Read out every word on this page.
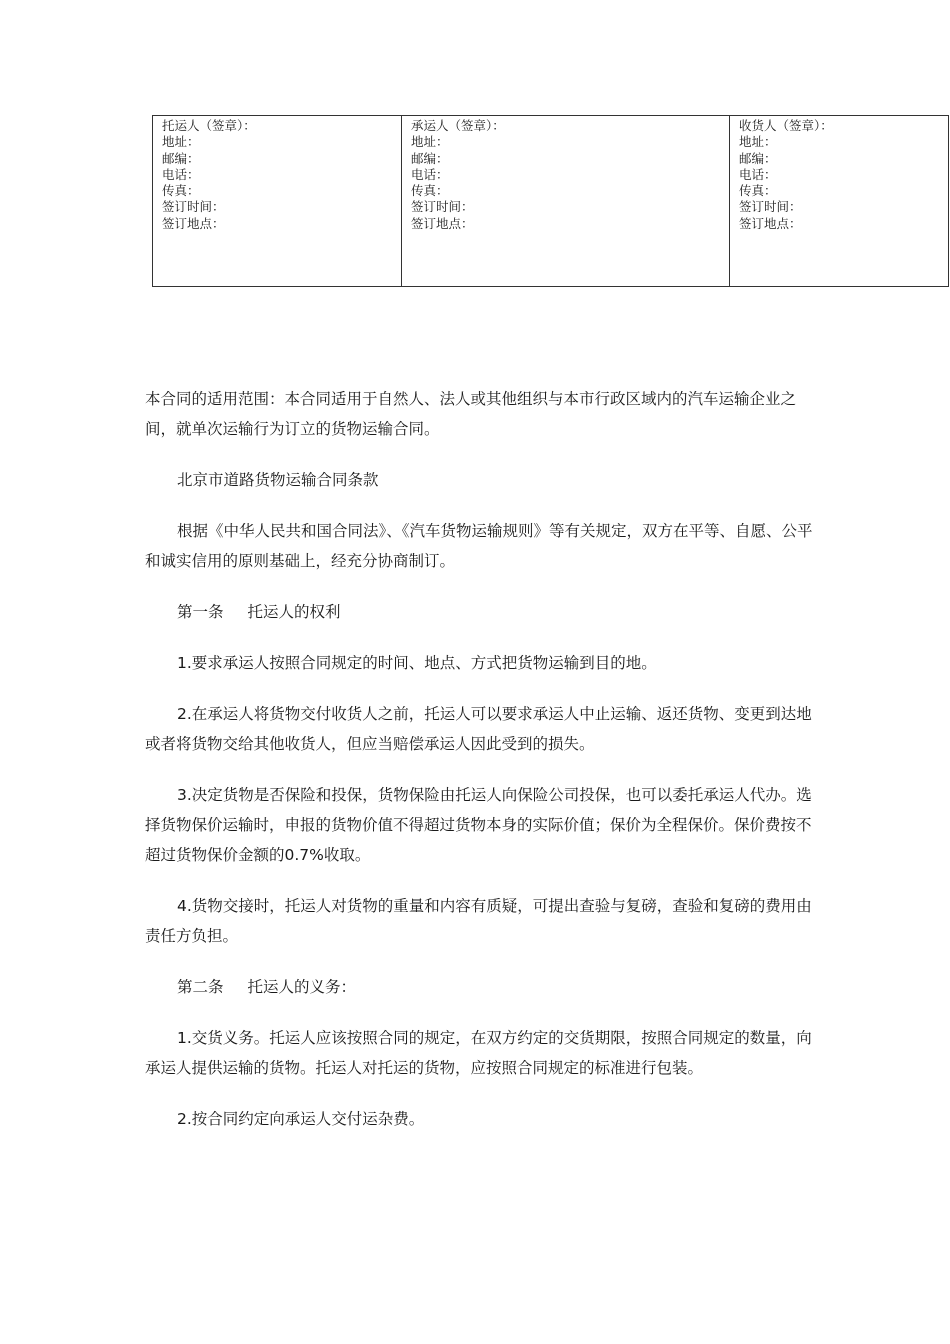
托运人（签章）：
地址：
邮编：
电话：
传真：
签订时间：
签订地点：

承运人（签章）：
地址：
邮编：
电话：
传真：
签订时间：
签订地点：

收货人（签章）：
地址：
邮编：
电话：
传真：
签订时间：
签订地点：

本合同的适用范围：本合同适用于自然人、法人或其他组织与本市行政区域内的汽车运输企业之间，就单次运输行为订立的货物运输合同。

北京市道路货物运输合同条款

根据《中华人民共和国合同法》、《汽车货物运输规则》等有关规定，双方在平等、自愿、公平和诚实信用的原则基础上，经充分协商制订。

第一条 托运人的权利

1.要求承运人按照合同规定的时间、地点、方式把货物运输到目的地。

2.在承运人将货物交付收货人之前，托运人可以要求承运人中止运输、返还货物、变更到达地或者将货物交给其他收货人，但应当赔偿承运人因此受到的损失。

3.决定货物是否保险和投保，货物保险由托运人向保险公司投保，也可以委托承运人代办。选择货物保价运输时，申报的货物价值不得超过货物本身的实际价值；保价为全程保价。保价费按不超过货物保价金额的0.7%收取。

4.货物交接时，托运人对货物的重量和内容有质疑，可提出查验与复磅，查验和复磅的费用由责任方负担。

第二条 托运人的义务：

1.交货义务。托运人应该按照合同的规定，在双方约定的交货期限，按照合同规定的数量，向承运人提供运输的货物。托运人对托运的货物，应按照合同规定的标准进行包装。

2.按合同约定向承运人交付运杂费。
